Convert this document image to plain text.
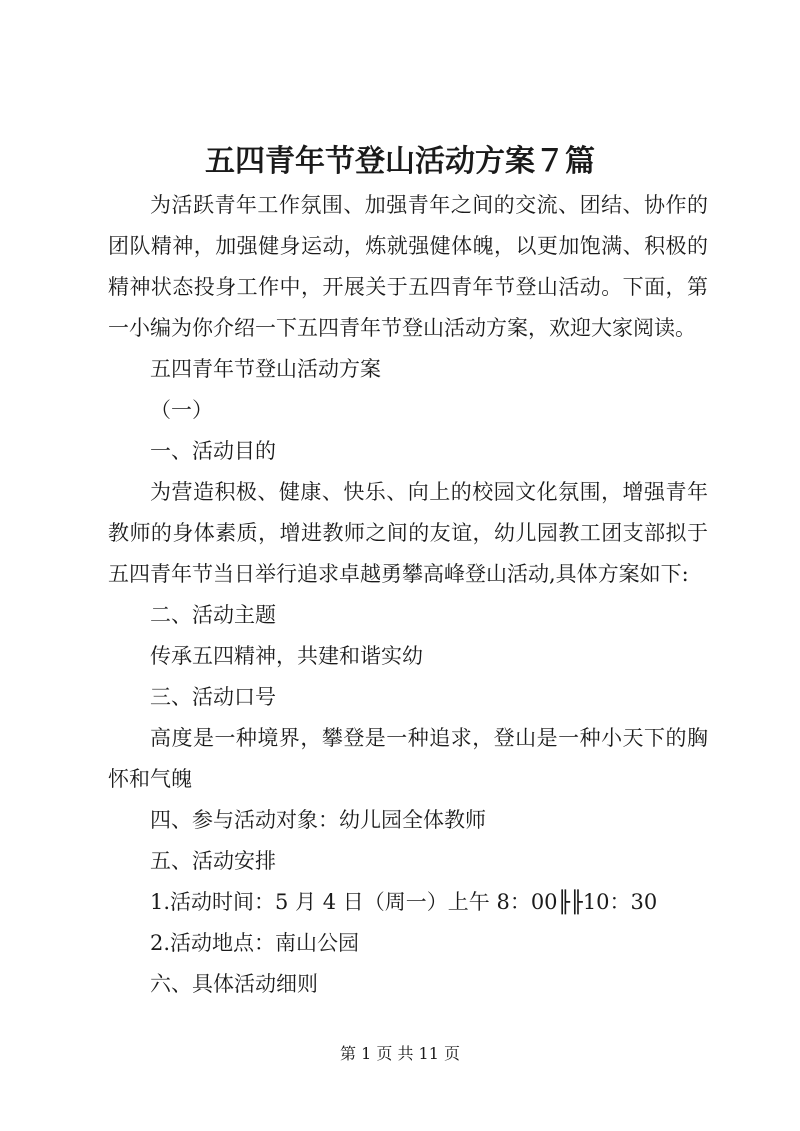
五四青年节登山活动方案７篇
为活跃青年工作氛围、加强青年之间的交流、团结、协作的团队精神，加强健身运动，炼就强健体魄，以更加饱满、积极的精神状态投身工作中，开展关于五四青年节登山活动。下面，第一小编为你介绍一下五四青年节登山活动方案，欢迎大家阅读。
五四青年节登山活动方案
（一）
一、活动目的
为营造积极、健康、快乐、向上的校园文化氛围，增强青年教师的身体素质，增进教师之间的友谊，幼儿园教工团支部拟于五四青年节当日举行追求卓越勇攀高峰登山活动,具体方案如下:
二、活动主题
传承五四精神，共建和谐实幼
三、活动口号
高度是一种境界，攀登是一种追求，登山是一种小天下的胸怀和气魄
四、参与活动对象：幼儿园全体教师
五、活动安排
1.活动时间：5 月 4 日（周一）上午 8：00╟╟10：30
2.活动地点：南山公园
六、具体活动细则
第 1 页 共 11 页
